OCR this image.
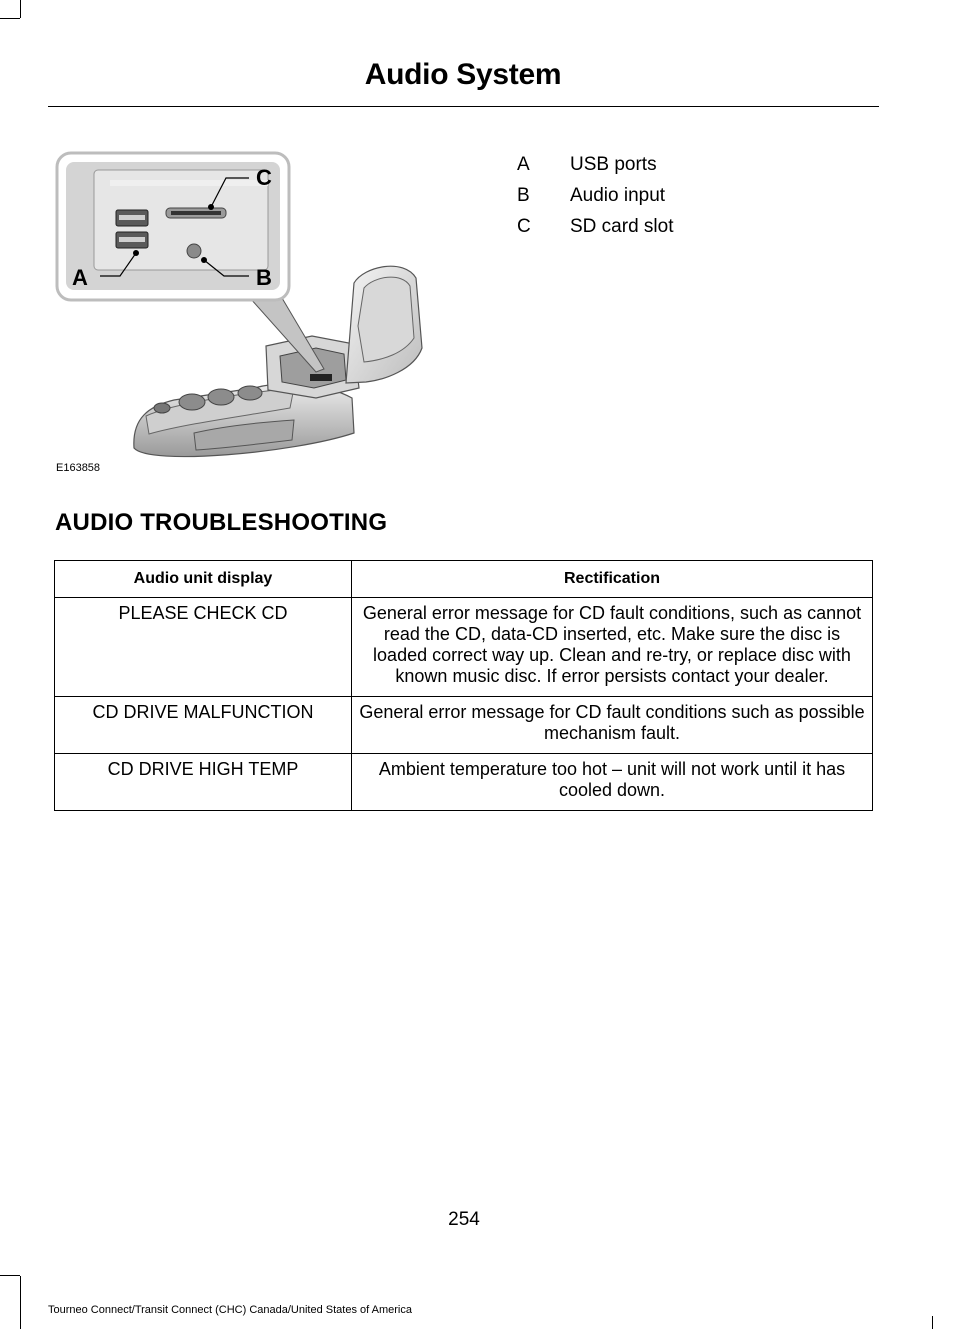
Audio System
C
A	B
E163858
A USB ports
B Audio input
C SD card slot
AUDIO TROUBLESHOOTING
Audio unit display	Rectification
PLEASE CHECK CD	General error message for CD fault conditions, such as cannot read the CD, data-CD inserted, etc. Make sure the disc is loaded correct way up. Clean and re-try, or replace disc with known music disc. If error persists contact your dealer.
CD DRIVE MALFUNCTION	General error message for CD fault conditions such as possible mechanism fault.
CD DRIVE HIGH TEMP	Ambient temperature too hot – unit will not work until it has cooled down.
254
Tourneo Connect/Transit Connect (CHC) Canada/United States of America
